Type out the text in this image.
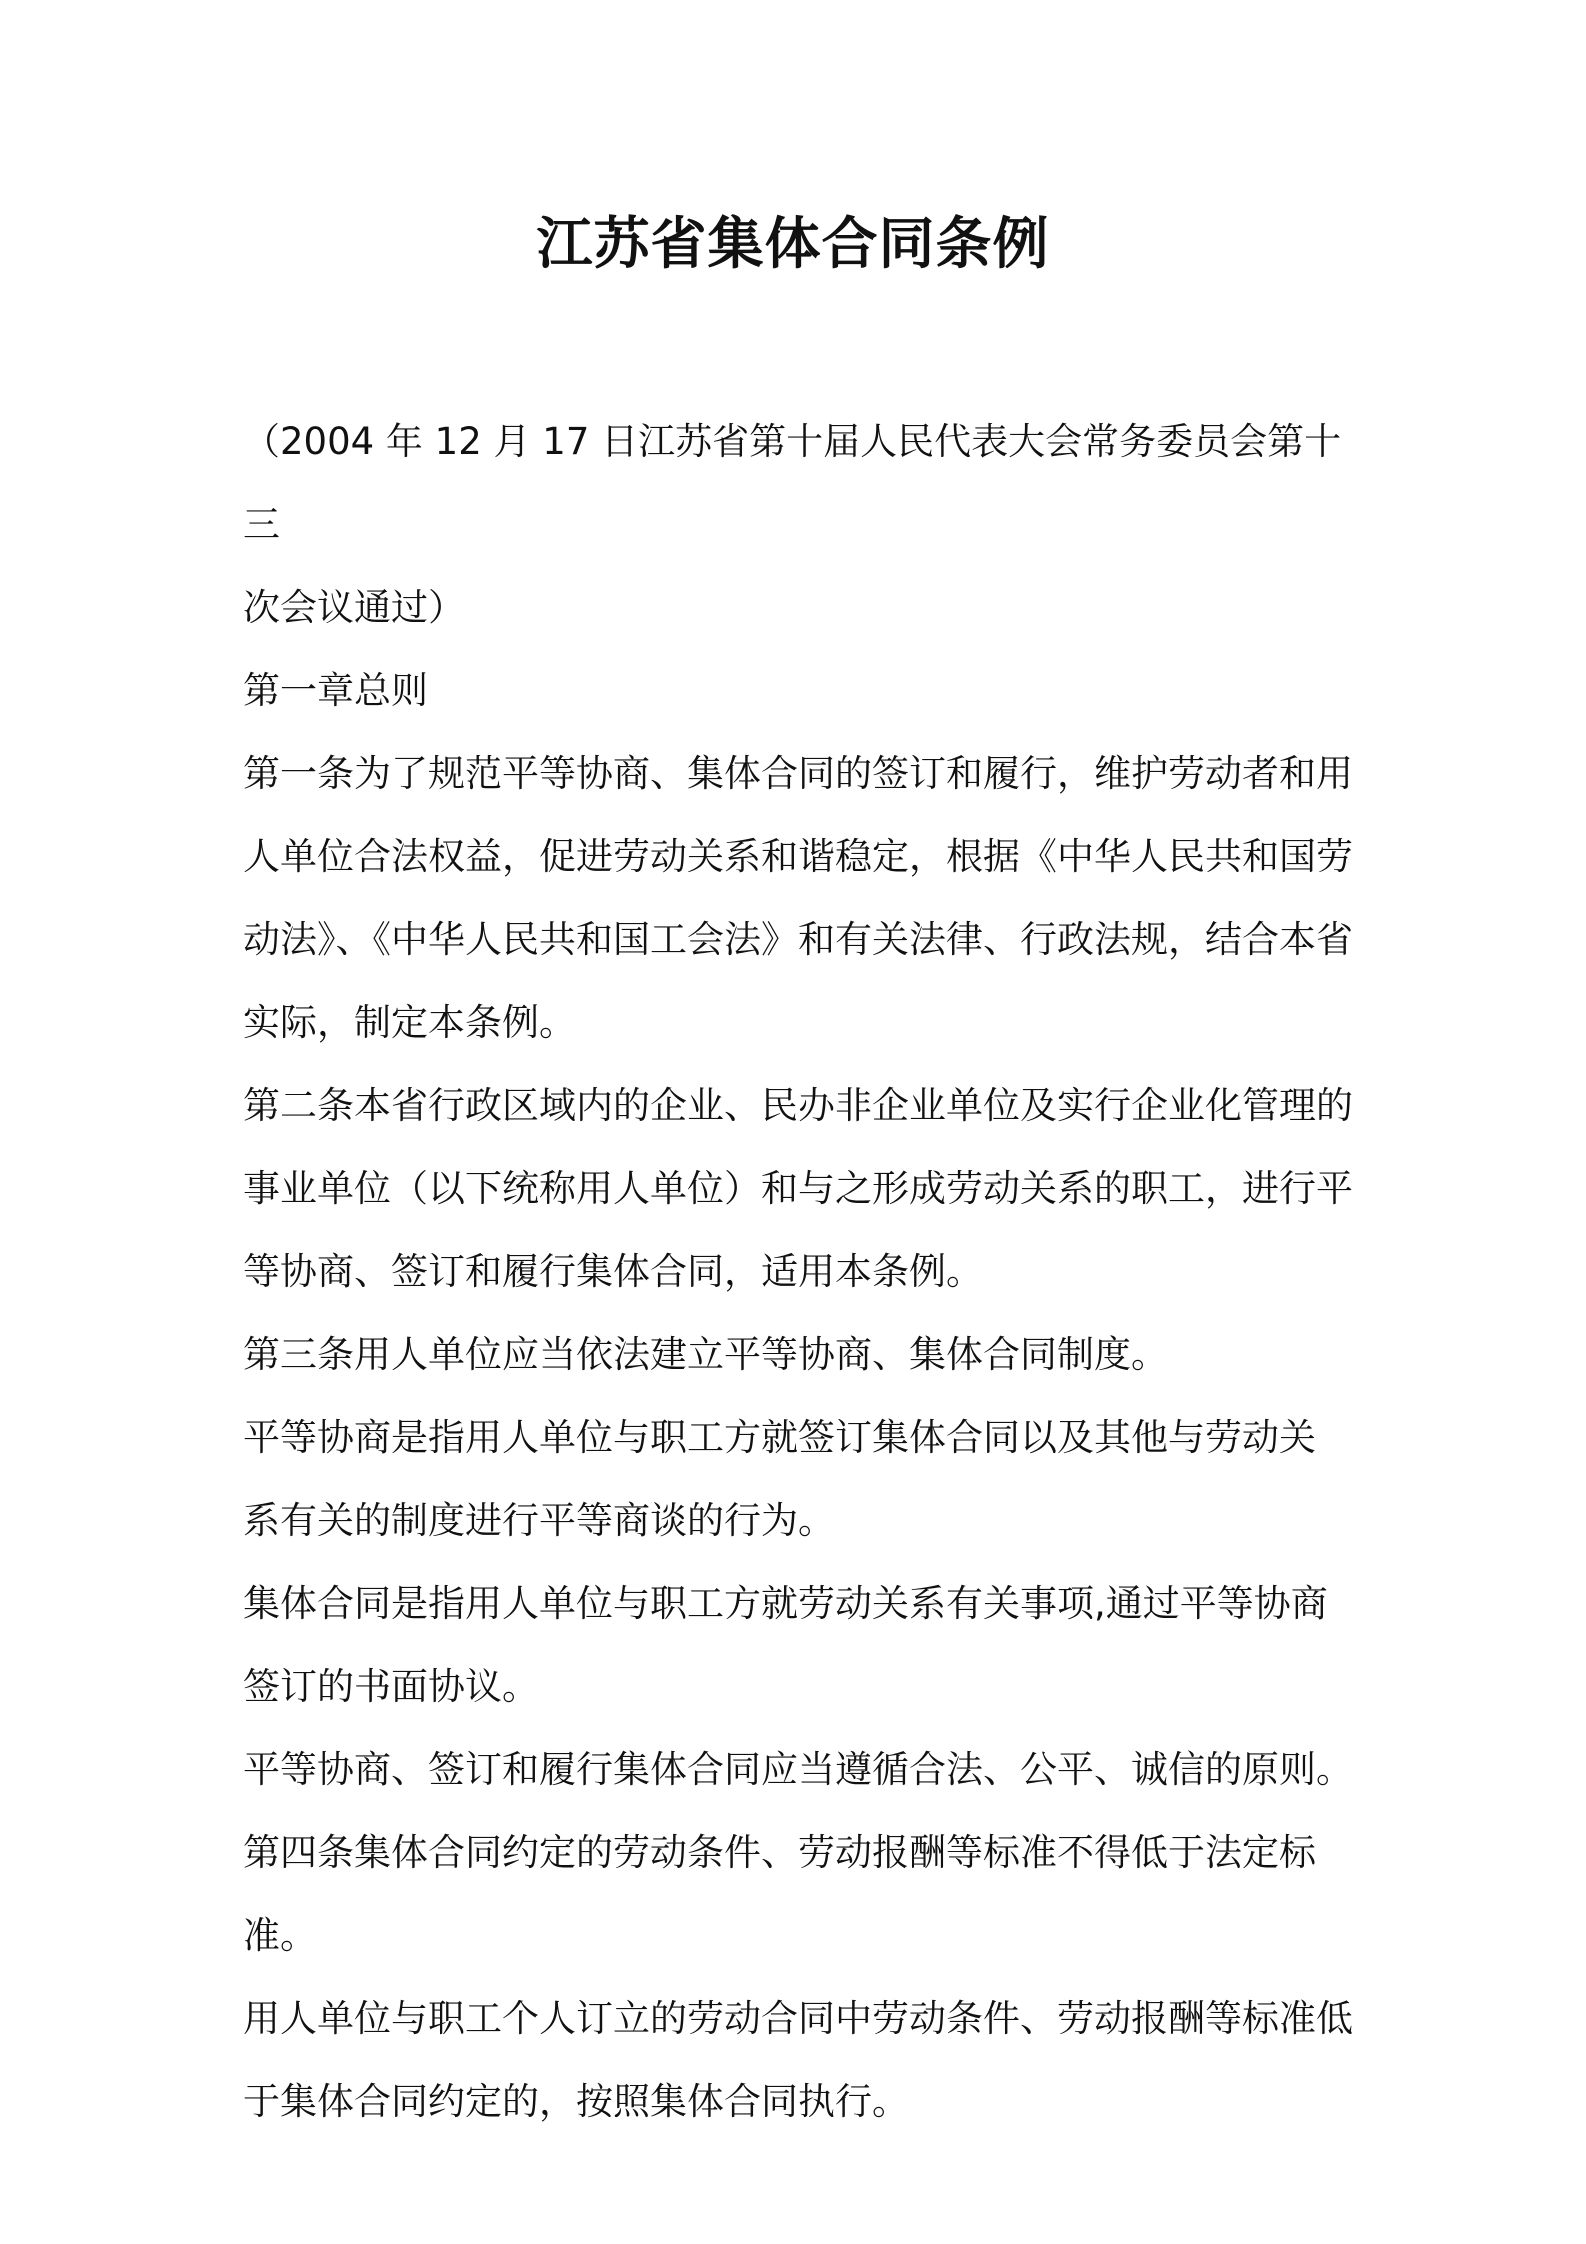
江苏省集体合同条例

（2004 年 12 月 17 日江苏省第十届人民代表大会常务委员会第十三

次会议通过）

第一章总则

第一条为了规范平等协商、集体合同的签订和履行，维护劳动者和用

人单位合法权益，促进劳动关系和谐稳定，根据《中华人民共和国劳

动法》、《中华人民共和国工会法》和有关法律、行政法规，结合本省

实际，制定本条例。

第二条本省行政区域内的企业、民办非企业单位及实行企业化管理的

事业单位（以下统称用人单位）和与之形成劳动关系的职工，进行平

等协商、签订和履行集体合同，适用本条例。

第三条用人单位应当依法建立平等协商、集体合同制度。

平等协商是指用人单位与职工方就签订集体合同以及其他与劳动关

系有关的制度进行平等商谈的行为。

集体合同是指用人单位与职工方就劳动关系有关事项,通过平等协商

签订的书面协议。

平等协商、签订和履行集体合同应当遵循合法、公平、诚信的原则。

第四条集体合同约定的劳动条件、劳动报酬等标准不得低于法定标准。

用人单位与职工个人订立的劳动合同中劳动条件、劳动报酬等标准低

于集体合同约定的，按照集体合同执行。
